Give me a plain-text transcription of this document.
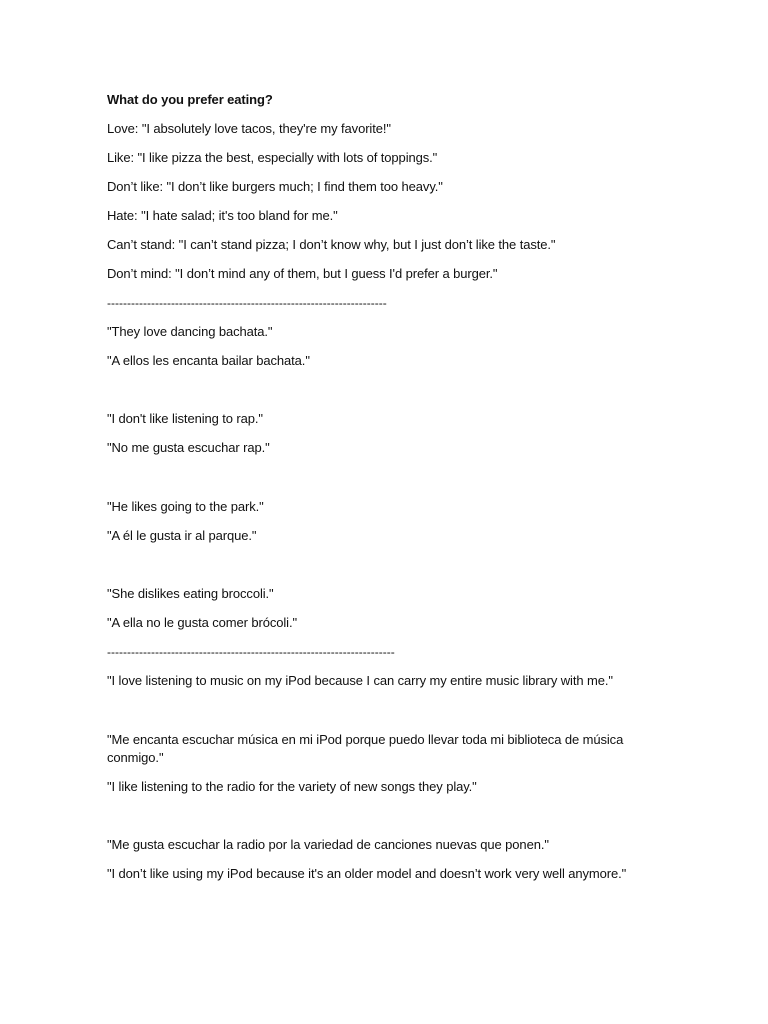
What do you prefer eating?
Love: "I absolutely love tacos, they're my favorite!"
Like: "I like pizza the best, especially with lots of toppings."
Don’t like: "I don’t like burgers much; I find them too heavy."
Hate: "I hate salad; it's too bland for me."
Can’t stand: "I can’t stand pizza; I don’t know why, but I just don’t like the taste."
Don’t mind: "I don’t mind any of them, but I guess I'd prefer a burger."
----------------------------------------------------------------------
"They love dancing bachata."
"A ellos les encanta bailar bachata."
"I don't like listening to rap."
"No me gusta escuchar rap."
"He likes going to the park."
"A él le gusta ir al parque."
"She dislikes eating broccoli."
"A ella no le gusta comer brócoli."
------------------------------------------------------------------------
"I love listening to music on my iPod because I can carry my entire music library with me."
"Me encanta escuchar música en mi iPod porque puedo llevar toda mi biblioteca de música conmigo."
"I like listening to the radio for the variety of new songs they play."
"Me gusta escuchar la radio por la variedad de canciones nuevas que ponen."
"I don’t like using my iPod because it's an older model and doesn’t work very well anymore."
